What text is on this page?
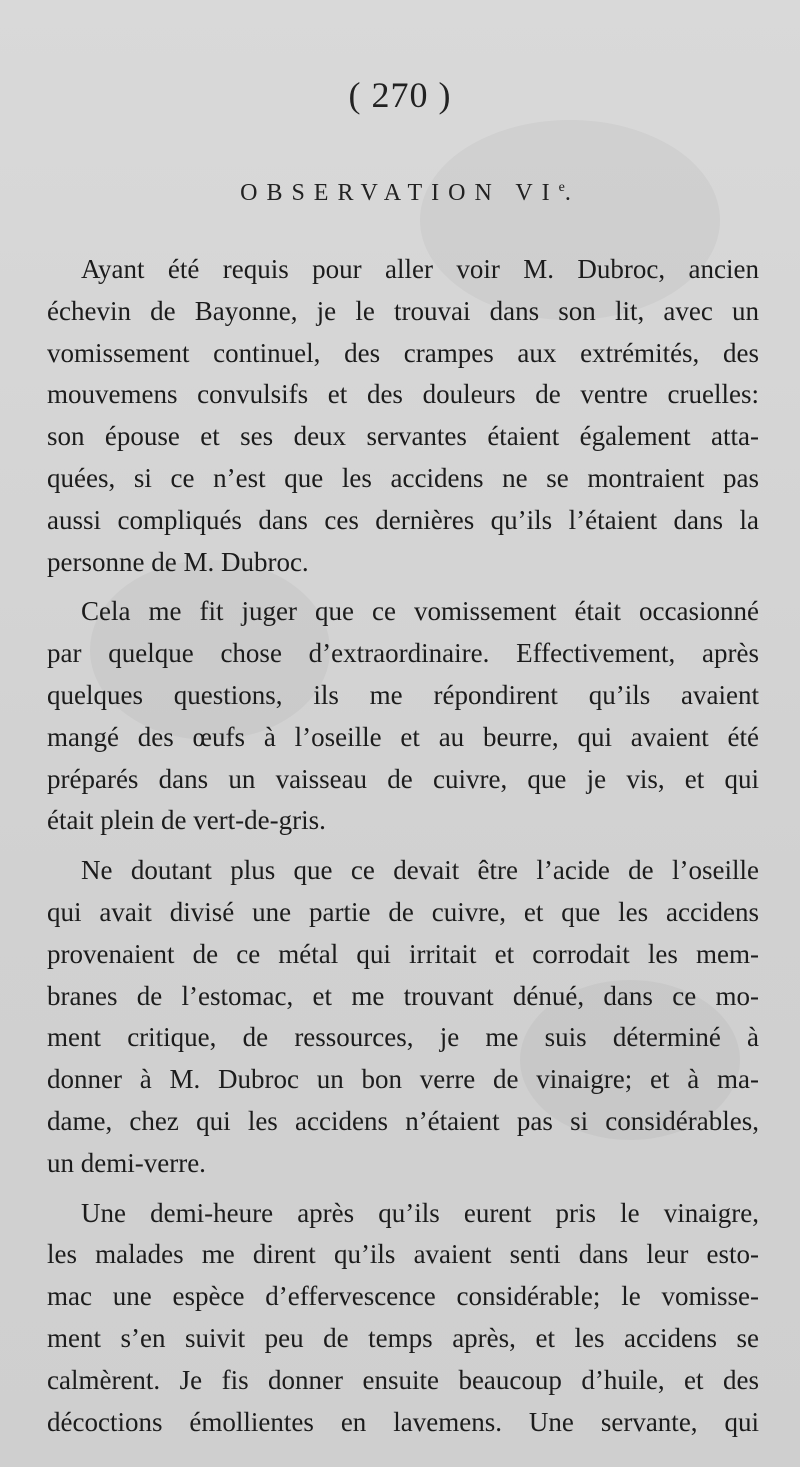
( 270 )
OBSERVATION VIe.
Ayant été requis pour aller voir M. Dubroc, ancien
échevin de Bayonne, je le trouvai dans son lit, avec un
vomissement continuel, des crampes aux extrémités, des
mouvemens convulsifs et des douleurs de ventre cruelles:
son épouse et ses deux servantes étaient également atta-
quées, si ce n’est que les accidens ne se montraient pas
aussi compliqués dans ces dernières qu’ils l’étaient dans la
personne de M. Dubroc.
Cela me fit juger que ce vomissement était occasionné
par quelque chose d’extraordinaire. Effectivement, après
quelques questions, ils me répondirent qu’ils avaient
mangé des œufs à l’oseille et au beurre, qui avaient été
préparés dans un vaisseau de cuivre, que je vis, et qui
était plein de vert-de-gris.
Ne doutant plus que ce devait être l’acide de l’oseille
qui avait divisé une partie de cuivre, et que les accidens
provenaient de ce métal qui irritait et corrodait les mem-
branes de l’estomac, et me trouvant dénué, dans ce mo-
ment critique, de ressources, je me suis déterminé à
donner à M. Dubroc un bon verre de vinaigre; et à ma-
dame, chez qui les accidens n’étaient pas si considérables,
un demi-verre.
Une demi-heure après qu’ils eurent pris le vinaigre,
les malades me dirent qu’ils avaient senti dans leur esto-
mac une espèce d’effervescence considérable; le vomisse-
ment s’en suivit peu de temps après, et les accidens se
calmèrent. Je fis donner ensuite beaucoup d’huile, et des
décoctions émollientes en lavemens. Une servante, qui
